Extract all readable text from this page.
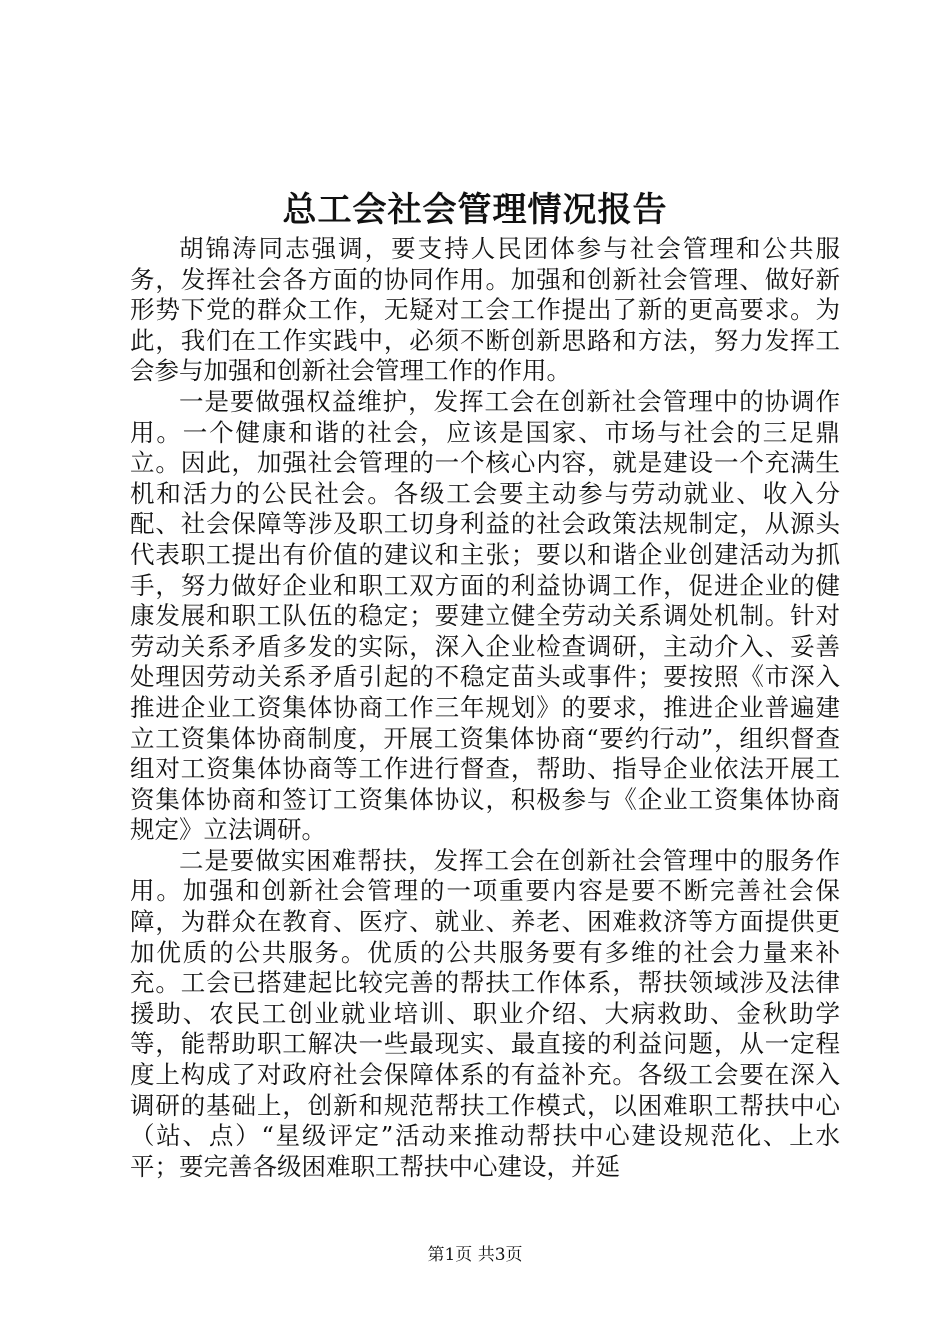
总工会社会管理情况报告

胡锦涛同志强调，要支持人民团体参与社会管理和公共服务，发挥社会各方面的协同作用。加强和创新社会管理、做好新形势下党的群众工作，无疑对工会工作提出了新的更高要求。为此，我们在工作实践中，必须不断创新思路和方法，努力发挥工会参与加强和创新社会管理工作的作用。

一是要做强权益维护，发挥工会在创新社会管理中的协调作用。一个健康和谐的社会，应该是国家、市场与社会的三足鼎立。因此，加强社会管理的一个核心内容，就是建设一个充满生机和活力的公民社会。各级工会要主动参与劳动就业、收入分配、社会保障等涉及职工切身利益的社会政策法规制定，从源头代表职工提出有价值的建议和主张；要以和谐企业创建活动为抓手，努力做好企业和职工双方面的利益协调工作，促进企业的健康发展和职工队伍的稳定；要建立健全劳动关系调处机制。针对劳动关系矛盾多发的实际，深入企业检查调研，主动介入、妥善处理因劳动关系矛盾引起的不稳定苗头或事件；要按照《市深入推进企业工资集体协商工作三年规划》的要求，推进企业普遍建立工资集体协商制度，开展工资集体协商“要约行动”，组织督查组对工资集体协商等工作进行督查，帮助、指导企业依法开展工资集体协商和签订工资集体协议，积极参与《企业工资集体协商规定》立法调研。

二是要做实困难帮扶，发挥工会在创新社会管理中的服务作用。加强和创新社会管理的一项重要内容是要不断完善社会保障，为群众在教育、医疗、就业、养老、困难救济等方面提供更加优质的公共服务。优质的公共服务要有多维的社会力量来补充。工会已搭建起比较完善的帮扶工作体系，帮扶领域涉及法律援助、农民工创业就业培训、职业介绍、大病救助、金秋助学等，能帮助职工解决一些最现实、最直接的利益问题，从一定程度上构成了对政府社会保障体系的有益补充。各级工会要在深入调研的基础上，创新和规范帮扶工作模式，以困难职工帮扶中心（站、点）“星级评定”活动来推动帮扶中心建设规范化、上水平；要完善各级困难职工帮扶中心建设，并延

第1页 共3页
